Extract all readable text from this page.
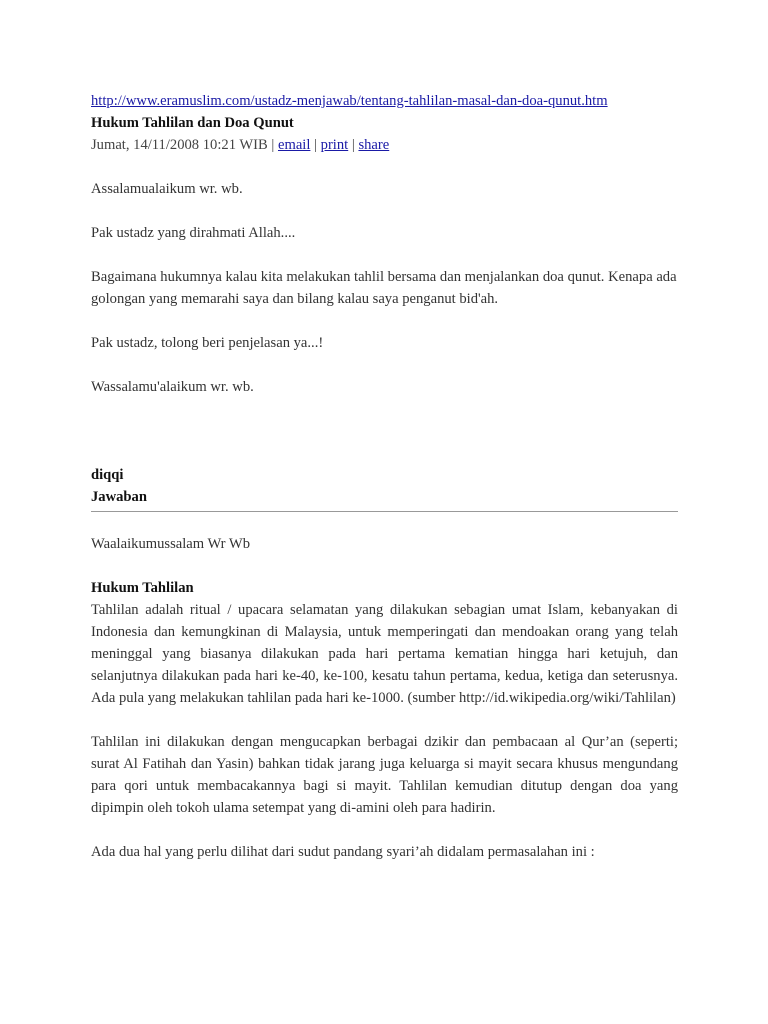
http://www.eramuslim.com/ustadz-menjawab/tentang-tahlilan-masal-dan-doa-qunut.htm
Hukum Tahlilan dan Doa Qunut
Jumat, 14/11/2008 10:21 WIB | email | print | share

Assalamualaikum wr. wb.

Pak ustadz yang dirahmati Allah....

Bagaimana hukumnya kalau kita melakukan tahlil bersama dan menjalankan doa qunut. Kenapa ada golongan yang memarahi saya dan bilang kalau saya penganut bid'ah.

Pak ustadz, tolong beri penjelasan ya...!

Wassalamu'alaikum wr. wb.

diqqi
Jawaban

Waalaikumussalam Wr Wb

Hukum Tahlilan

Tahlilan adalah ritual / upacara selamatan yang dilakukan sebagian umat Islam, kebanyakan di Indonesia dan kemungkinan di Malaysia, untuk memperingati dan mendoakan orang yang telah meninggal yang biasanya dilakukan pada hari pertama kematian hingga hari ketujuh, dan selanjutnya dilakukan pada hari ke-40, ke-100, kesatu tahun pertama, kedua, ketiga dan seterusnya. Ada pula yang melakukan tahlilan pada hari ke-1000. (sumber http://id.wikipedia.org/wiki/Tahlilan)

Tahlilan ini dilakukan dengan mengucapkan berbagai dzikir dan pembacaan al Qur’an (seperti; surat Al Fatihah dan Yasin) bahkan tidak jarang juga keluarga si mayit secara khusus mengundang para qori untuk membacakannya bagi si mayit. Tahlilan kemudian ditutup dengan doa yang dipimpin oleh tokoh ulama setempat yang di-amini oleh para hadirin.

Ada dua hal yang perlu dilihat dari sudut pandang syari’ah didalam permasalahan ini :
